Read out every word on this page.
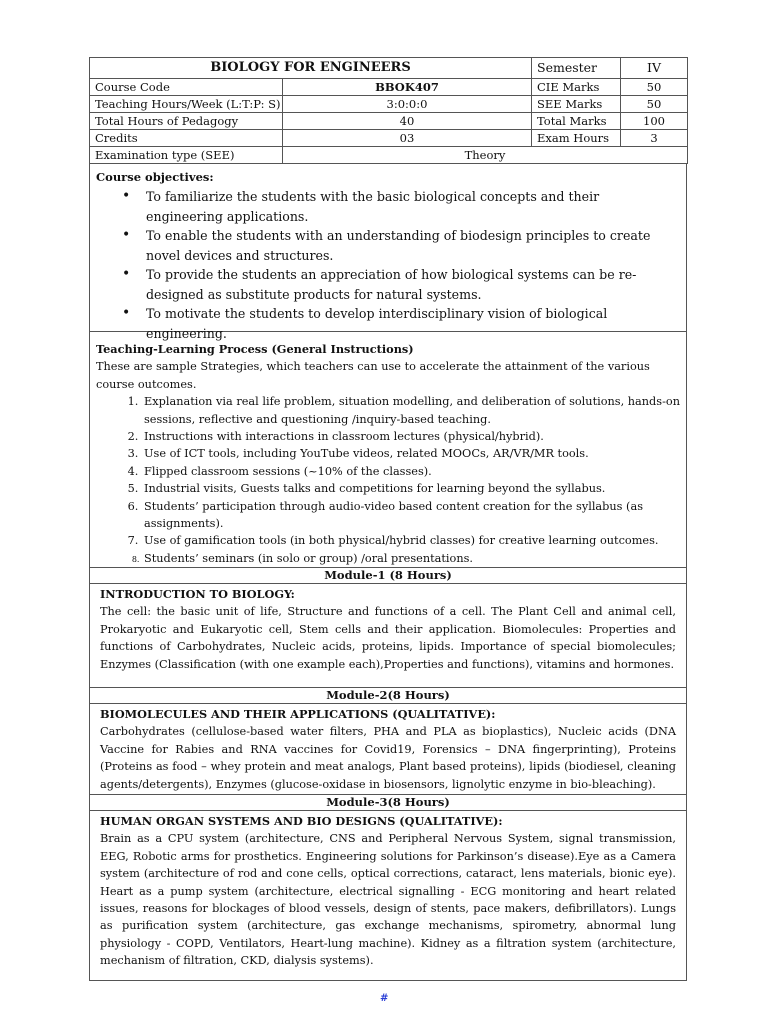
BIOLOGY FOR ENGINEERS		Semester	IV
Course Code	BBOK407	CIE Marks	50
Teaching Hours/Week (L:T:P: S)	3:0:0:0	SEE Marks	50
Total Hours of Pedagogy	40	Total Marks	100
Credits	03	Exam Hours	3
Examination type (SEE)	Theory		
Course objectives:
• To familiarize the students with the basic biological concepts and their engineering applications.
• To enable the students with an understanding of biodesign principles to create novel devices and structures.
• To provide the students an appreciation of how biological systems can be re-designed as substitute products for natural systems.
• To motivate the students to develop interdisciplinary vision of biological engineering.
Teaching-Learning Process (General Instructions)
These are sample Strategies, which teachers can use to accelerate the attainment of the various course outcomes.
1. Explanation via real life problem, situation modelling, and deliberation of solutions, hands-on sessions, reflective and questioning /inquiry-based teaching.
2. Instructions with interactions in classroom lectures (physical/hybrid).
3. Use of ICT tools, including YouTube videos, related MOOCs, AR/VR/MR tools.
4. Flipped classroom sessions (~10% of the classes).
5. Industrial visits, Guests talks and competitions for learning beyond the syllabus.
6. Students’ participation through audio-video based content creation for the syllabus (as assignments).
7. Use of gamification tools (in both physical/hybrid classes) for creative learning outcomes.
8. Students’ seminars (in solo or group) /oral presentations.
Module-1 (8 Hours)
INTRODUCTION TO BIOLOGY:
The cell: the basic unit of life, Structure and functions of a cell. The Plant Cell and animal cell, Prokaryotic and Eukaryotic cell, Stem cells and their application. Biomolecules: Properties and functions of Carbohydrates, Nucleic acids, proteins, lipids. Importance of special biomolecules; Enzymes (Classification (with one example each),Properties and functions), vitamins and hormones.
Module-2(8 Hours)
BIOMOLECULES AND THEIR APPLICATIONS (QUALITATIVE):
Carbohydrates (cellulose-based water filters, PHA and PLA as bioplastics), Nucleic acids (DNA Vaccine for Rabies and RNA vaccines for Covid19, Forensics – DNA fingerprinting), Proteins (Proteins as food – whey protein and meat analogs, Plant based proteins), lipids (biodiesel, cleaning agents/detergents), Enzymes (glucose-oxidase in biosensors, lignolytic enzyme in bio-bleaching).
Module-3(8 Hours)
HUMAN ORGAN SYSTEMS AND BIO DESIGNS (QUALITATIVE):
Brain as a CPU system (architecture, CNS and Peripheral Nervous System, signal transmission, EEG, Robotic arms for prosthetics. Engineering solutions for Parkinson’s disease).Eye as a Camera system (architecture of rod and cone cells, optical corrections, cataract, lens materials, bionic eye). Heart as a pump system (architecture, electrical signalling - ECG monitoring and heart related issues, reasons for blockages of blood vessels, design of stents, pace makers, defibrillators). Lungs as purification system (architecture, gas exchange mechanisms, spirometry, abnormal lung physiology - COPD, Ventilators, Heart-lung machine). Kidney as a filtration system (architecture, mechanism of filtration, CKD, dialysis systems).
#
